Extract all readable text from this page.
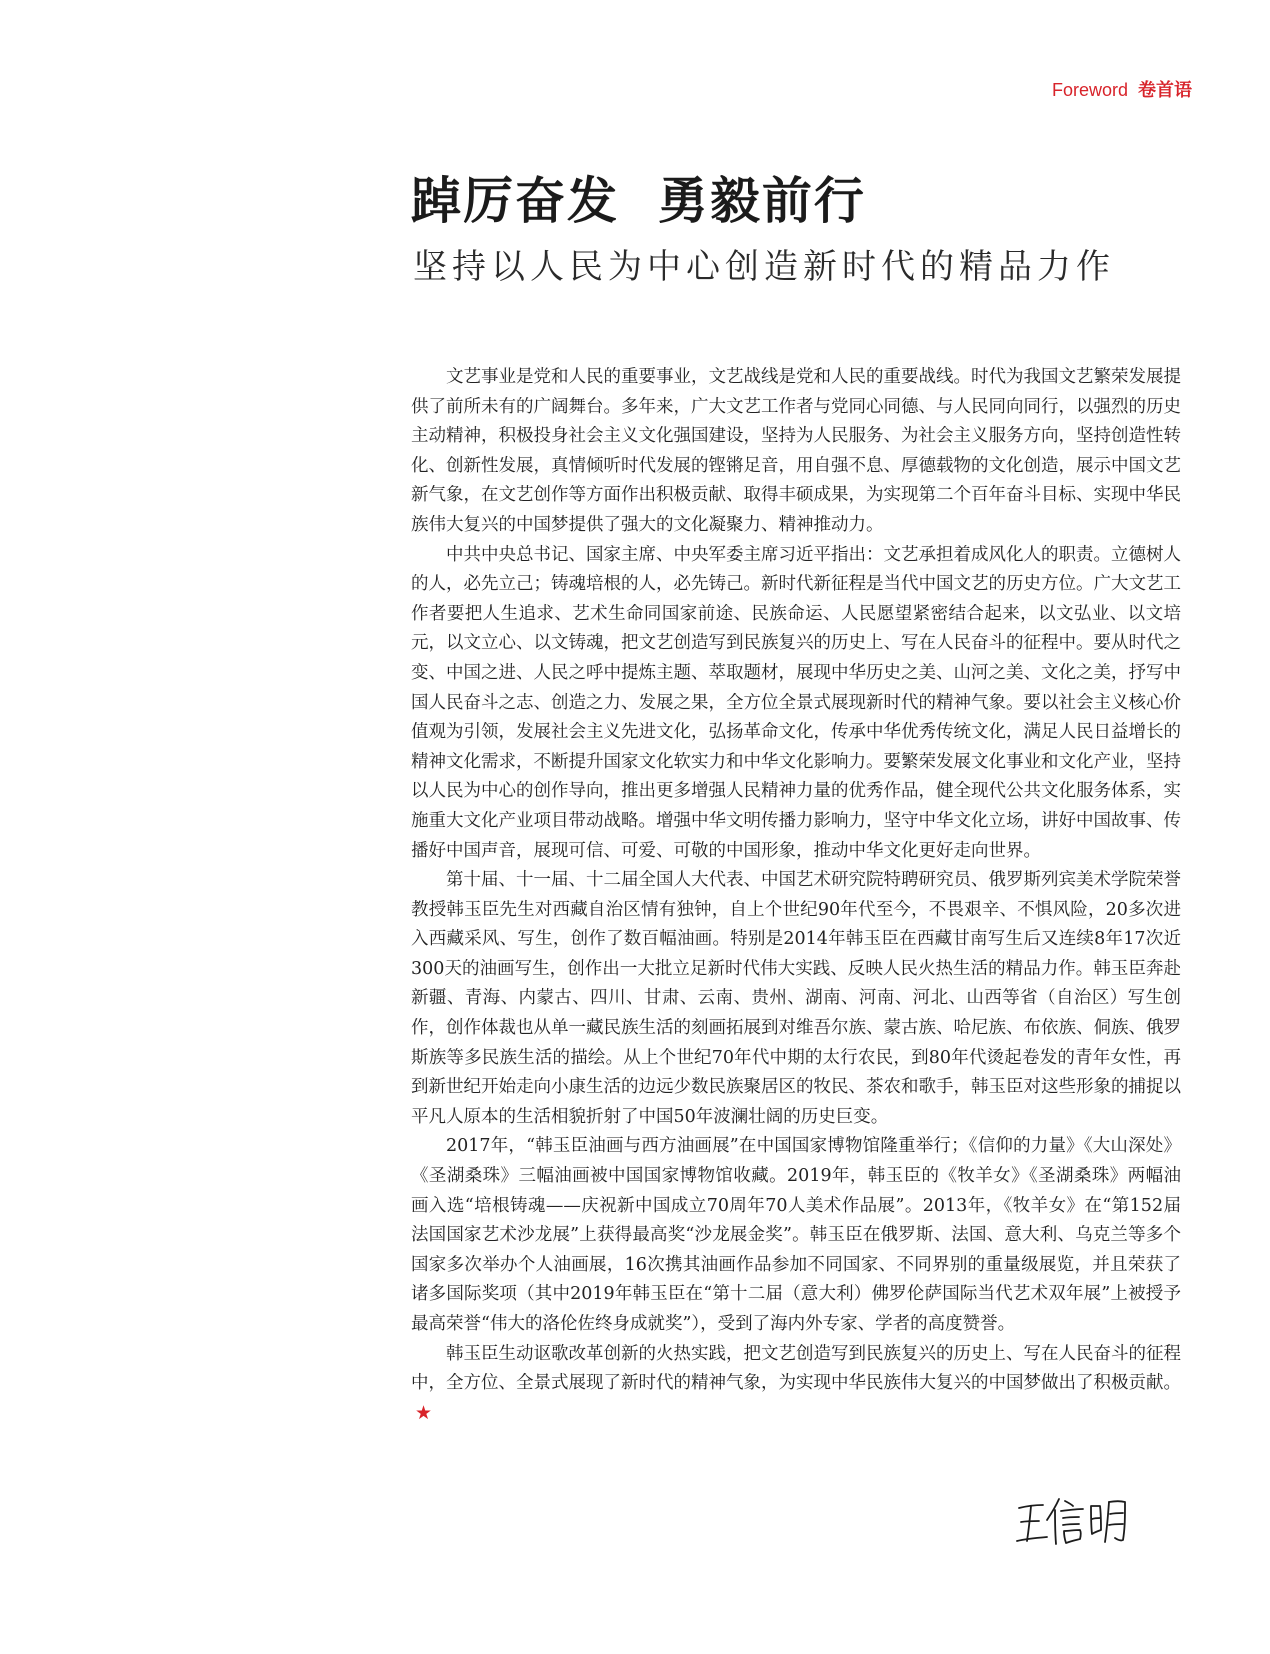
Foreword 卷首语
踔厉奋发  勇毅前行
坚持以人民为中心创造新时代的精品力作

文艺事业是党和人民的重要事业，文艺战线是党和人民的重要战线。时代为我国文艺繁荣发展提供了前所未有的广阔舞台。多年来，广大文艺工作者与党同心同德、与人民同向同行，以强烈的历史主动精神，积极投身社会主义文化强国建设，坚持为人民服务、为社会主义服务方向，坚持创造性转化、创新性发展，真情倾听时代发展的铿锵足音，用自强不息、厚德载物的文化创造，展示中国文艺新气象，在文艺创作等方面作出积极贡献、取得丰硕成果，为实现第二个百年奋斗目标、实现中华民族伟大复兴的中国梦提供了强大的文化凝聚力、精神推动力。

中共中央总书记、国家主席、中央军委主席习近平指出：文艺承担着成风化人的职责。立德树人的人，必先立己；铸魂培根的人，必先铸己。新时代新征程是当代中国文艺的历史方位。广大文艺工作者要把人生追求、艺术生命同国家前途、民族命运、人民愿望紧密结合起来，以文弘业、以文培元，以文立心、以文铸魂，把文艺创造写到民族复兴的历史上、写在人民奋斗的征程中。要从时代之变、中国之进、人民之呼中提炼主题、萃取题材，展现中华历史之美、山河之美、文化之美，抒写中国人民奋斗之志、创造之力、发展之果，全方位全景式展现新时代的精神气象。要以社会主义核心价值观为引领，发展社会主义先进文化，弘扬革命文化，传承中华优秀传统文化，满足人民日益增长的精神文化需求，不断提升国家文化软实力和中华文化影响力。要繁荣发展文化事业和文化产业，坚持以人民为中心的创作导向，推出更多增强人民精神力量的优秀作品，健全现代公共文化服务体系，实施重大文化产业项目带动战略。增强中华文明传播力影响力，坚守中华文化立场，讲好中国故事、传播好中国声音，展现可信、可爱、可敬的中国形象，推动中华文化更好走向世界。

第十届、十一届、十二届全国人大代表、中国艺术研究院特聘研究员、俄罗斯列宾美术学院荣誉教授韩玉臣先生对西藏自治区情有独钟，自上个世纪90年代至今，不畏艰辛、不惧风险，20多次进入西藏采风、写生，创作了数百幅油画。特别是2014年韩玉臣在西藏甘南写生后又连续8年17次近300天的油画写生，创作出一大批立足新时代伟大实践、反映人民火热生活的精品力作。韩玉臣奔赴新疆、青海、内蒙古、四川、甘肃、云南、贵州、湖南、河南、河北、山西等省（自治区）写生创作，创作体裁也从单一藏民族生活的刻画拓展到对维吾尔族、蒙古族、哈尼族、布依族、侗族、俄罗斯族等多民族生活的描绘。从上个世纪70年代中期的太行农民，到80年代烫起卷发的青年女性，再到新世纪开始走向小康生活的边远少数民族聚居区的牧民、茶农和歌手，韩玉臣对这些形象的捕捉以平凡人原本的生活相貌折射了中国50年波澜壮阔的历史巨变。

2017年，“韩玉臣油画与西方油画展”在中国国家博物馆隆重举行；《信仰的力量》《大山深处》《圣湖桑珠》三幅油画被中国国家博物馆收藏。2019年，韩玉臣的《牧羊女》《圣湖桑珠》两幅油画入选“培根铸魂——庆祝新中国成立70周年70人美术作品展”。2013年，《牧羊女》在“第152届法国国家艺术沙龙展”上获得最高奖“沙龙展金奖”。韩玉臣在俄罗斯、法国、意大利、乌克兰等多个国家多次举办个人油画展，16次携其油画作品参加不同国家、不同界别的重量级展览，并且荣获了诸多国际奖项（其中2019年韩玉臣在“第十二届（意大利）佛罗伦萨国际当代艺术双年展”上被授予最高荣誉“伟大的洛伦佐终身成就奖”），受到了海内外专家、学者的高度赞誉。

韩玉臣生动讴歌改革创新的火热实践，把文艺创造写到民族复兴的历史上、写在人民奋斗的征程中，全方位、全景式展现了新时代的精神气象，为实现中华民族伟大复兴的中国梦做出了积极贡献。★
